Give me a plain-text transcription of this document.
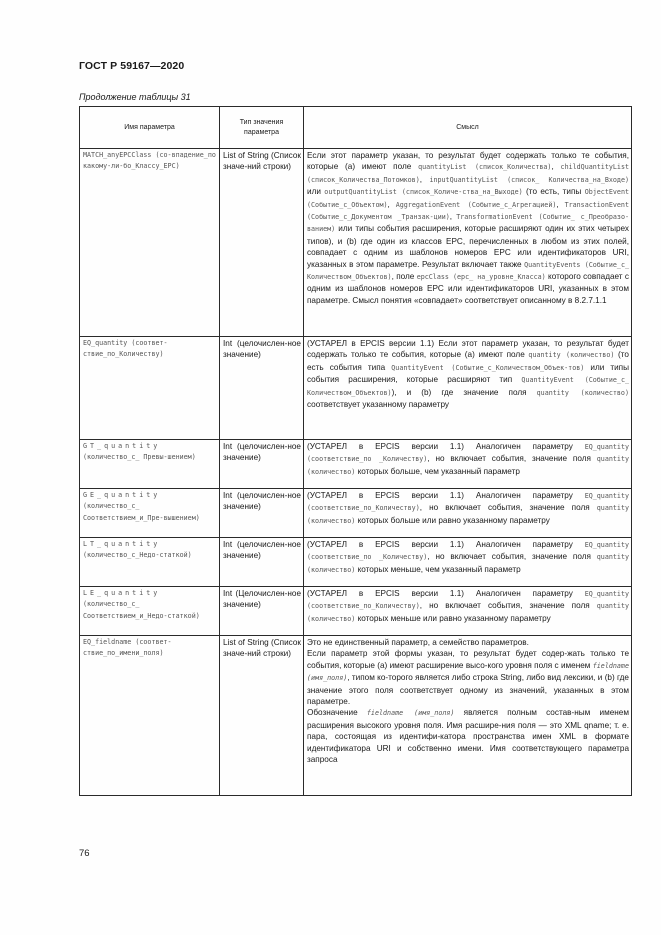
ГОСТ Р 59167—2020
Продолжение таблицы 31
Имя параметра	Тип значения параметра	Смысл
MATCH_anyEPCClass (со-впадение_по какому-ли-бо_Классу_EPC)	List of String (Список значе-ний строки)	Если этот параметр указан, то результат будет содержать только те события, которые (a) имеют поле quantityList (список_Количества), childQuantityList (список_Количества_Потомков), inputQuantityList (список_ Количества_на_Входе) или outputQuantityList (список_Количе-ства_на_Выходе) (то есть, типы ObjectEvent (Событие_с_Объектом), AggregationEvent (Событие_с_Агрегацией), TransactionEvent (Событие_с_Документом _Транзак-ции), TransformationEvent (Событие_ с_Преобразо-ванием) или типы события расширения, которые расширяют один их этих четырех типов), и (b) где один из классов EPC, перечисленных в любом из этих полей, совпадает с одним из шаблонов номеров EPC или идентификаторов URI, указанных в этом параметре. Результат включает также QuantityEvents (Событие_с_ Количеством_Объектов), поле epcClass (epc_ на_уровне_Класса) которого совпадает с одним из шаблонов номеров EPC или идентификаторов URI, указанных в этом параметре. Смысл понятия «совпадает» соответствует описанному в 8.2.7.1.1
EQ_quantity (соответ-ствие_по_Количеству)	Int (целочислен-ное значение)	(УСТАРЕЛ в EPCIS версии 1.1) Если этот параметр указан, то результат будет содержать только те события, которые (a) имеют поле quantity (количество) (то есть события типа QuantityEvent (Событие_с_Количеством_Объек-тов) или типы события расширения, которые расширяют тип QuantityEvent (Событие_с_ Количеством_Объектов)), и (b) где значение поля quantity (количество) соответствует указанному параметру
GT_quantity (количество_с_ Превы-шением)	Int (целочислен-ное значение)	(УСТАРЕЛ в EPCIS версии 1.1) Аналогичен параметру EQ_quantity (соответствие_по _Количеству), но включает события, значение поля quantity (количество) которых больше, чем указанный параметр
GE_quantity (количество_с_ Соответствием_и_Пре-вышением)	Int (целочислен-ное значение)	(УСТАРЕЛ в EPCIS версии 1.1) Аналогичен параметру EQ_quantity (соответствие_по_Количеству), но включает события, значение поля quantity (количество) которых больше или равно указанному параметру
LT_quantity (количество_с_Недо-статкой)	Int (целочислен-ное значение)	(УСТАРЕЛ в EPCIS версии 1.1) Аналогичен параметру EQ_quantity (соответствие_по _Количеству), но включает события, значение поля quantity (количество) которых меньше, чем указанный параметр
LE_quantity (количество_с_ Соответствием_и_Недо-статкой)	Int (Целочислен-ное значение)	(УСТАРЕЛ в EPCIS версии 1.1) Аналогичен параметру EQ_quantity (соответствие_по_Количеству), но включает события, значение поля quantity (количество) которых меньше или равно указанному параметру
EQ_fieldname (соответ-ствие_по_имени_поля)	List of String (Список значе-ний строки)	Это не единственный параметр, а семейство параметров.
Если параметр этой формы указан, то результат будет содер-жать только те события, которые (a) имеют расширение высо-кого уровня поля с именем fieldname (имя_поля), типом ко-торого является либо строка String, либо вид лексики, и (b) где значение этого поля соответствует одному из значений, указанных в этом параметре.
Обозначение fieldname (имя_поля) является полным состав-ным именем расширения высокого уровня поля. Имя расшире-ния поля — это XML qname; т. е. пара, состоящая из идентифи-катора пространства имен XML в формате идентификатора URI и собственно имени. Имя соответствующего параметра запроса
76
